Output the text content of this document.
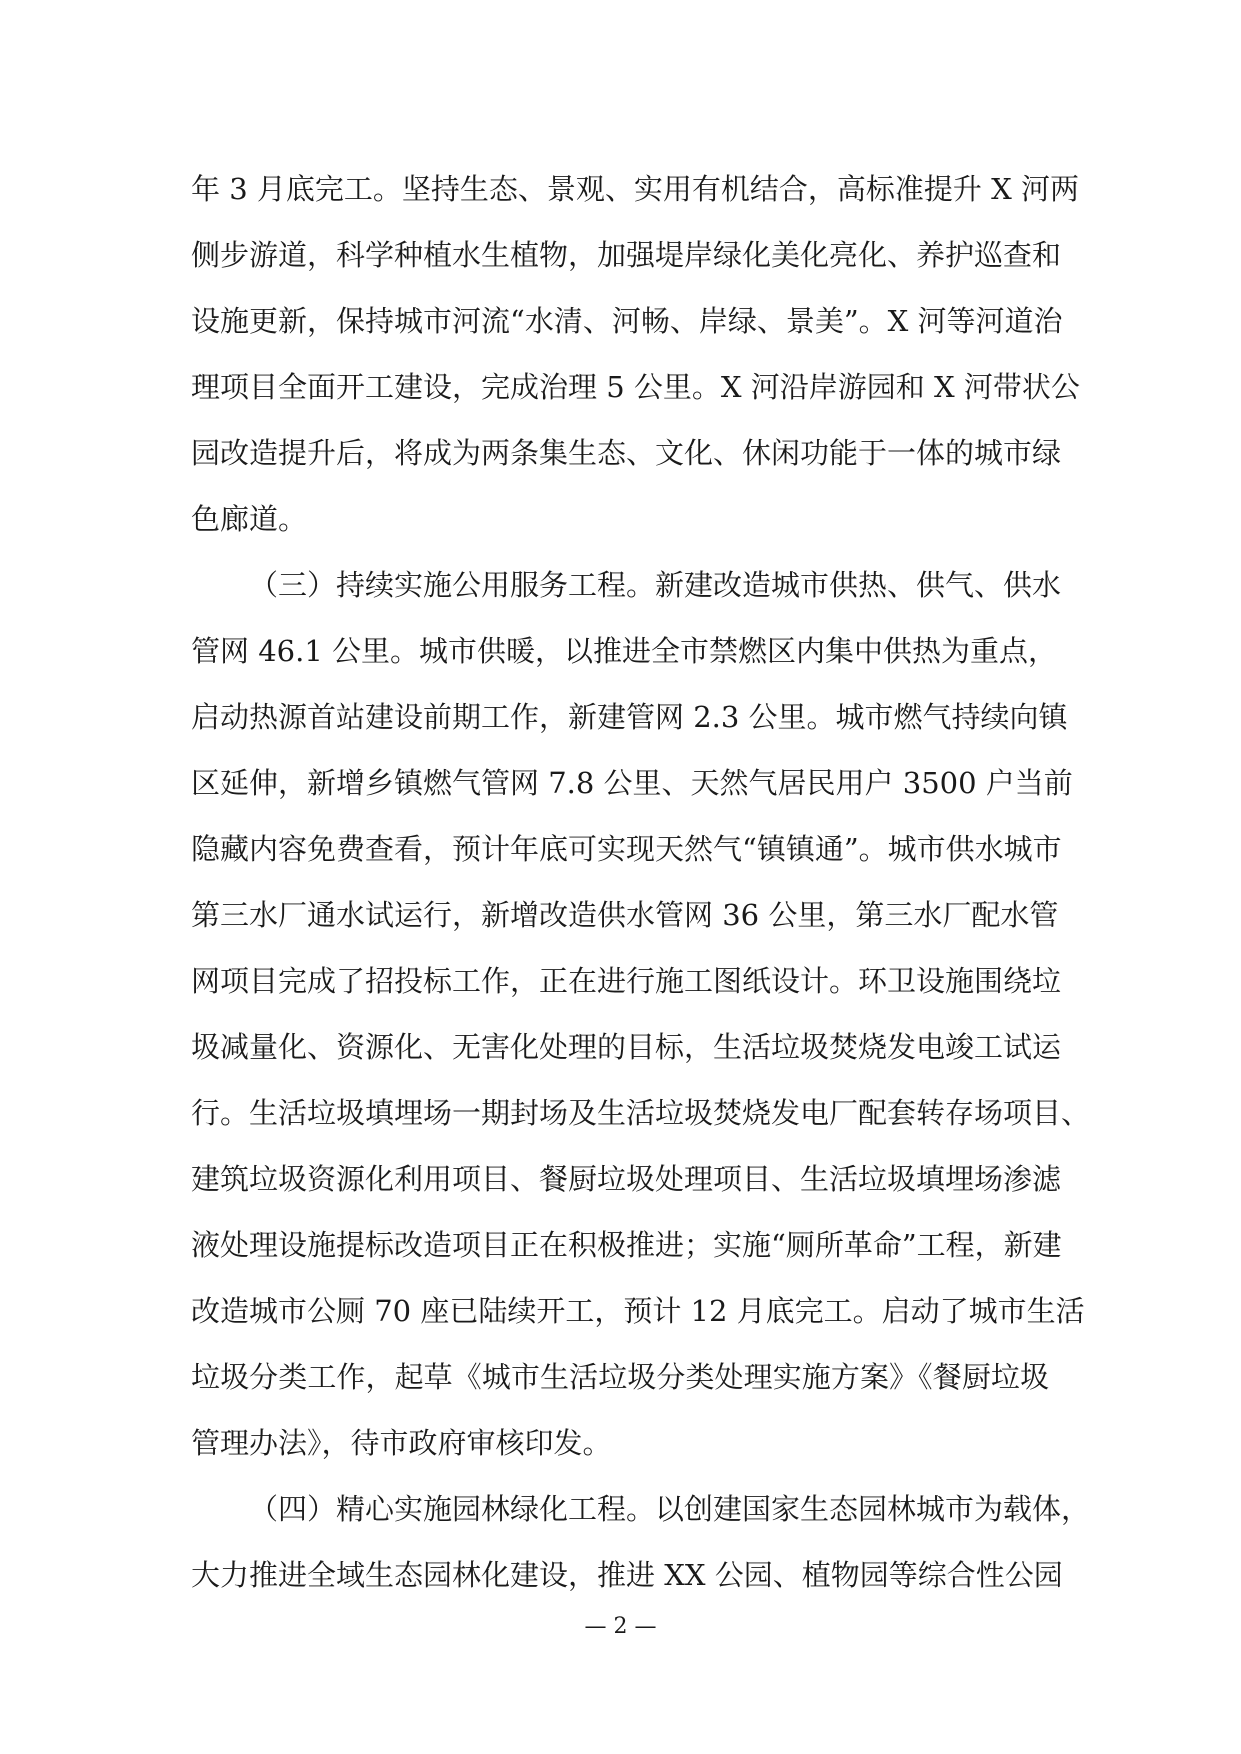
年 3 月底完工。坚持生态、景观、实用有机结合，高标准提升 X 河两
侧步游道，科学种植水生植物，加强堤岸绿化美化亮化、养护巡查和
设施更新，保持城市河流“水清、河畅、岸绿、景美”。X 河等河道治
理项目全面开工建设，完成治理 5 公里。X 河沿岸游园和 X 河带状公
园改造提升后，将成为两条集生态、文化、休闲功能于一体的城市绿
色廊道。
（三）持续实施公用服务工程。新建改造城市供热、供气、供水
管网 46.1 公里。城市供暖，以推进全市禁燃区内集中供热为重点，
启动热源首站建设前期工作，新建管网 2.3 公里。城市燃气持续向镇
区延伸，新增乡镇燃气管网 7.8 公里、天然气居民用户 3500 户当前
隐藏内容免费查看，预计年底可实现天然气“镇镇通”。城市供水城市
第三水厂通水试运行，新增改造供水管网 36 公里，第三水厂配水管
网项目完成了招投标工作，正在进行施工图纸设计。环卫设施围绕垃
圾减量化、资源化、无害化处理的目标，生活垃圾焚烧发电竣工试运
行。生活垃圾填埋场一期封场及生活垃圾焚烧发电厂配套转存场项目、
建筑垃圾资源化利用项目、餐厨垃圾处理项目、生活垃圾填埋场渗滤
液处理设施提标改造项目正在积极推进；实施“厕所革命”工程，新建
改造城市公厕 70 座已陆续开工，预计 12 月底完工。启动了城市生活
垃圾分类工作，起草《城市生活垃圾分类处理实施方案》《餐厨垃圾
管理办法》，待市政府审核印发。
（四）精心实施园林绿化工程。以创建国家生态园林城市为载体，
大力推进全域生态园林化建设，推进 XX 公园、植物园等综合性公园
— 2 —
